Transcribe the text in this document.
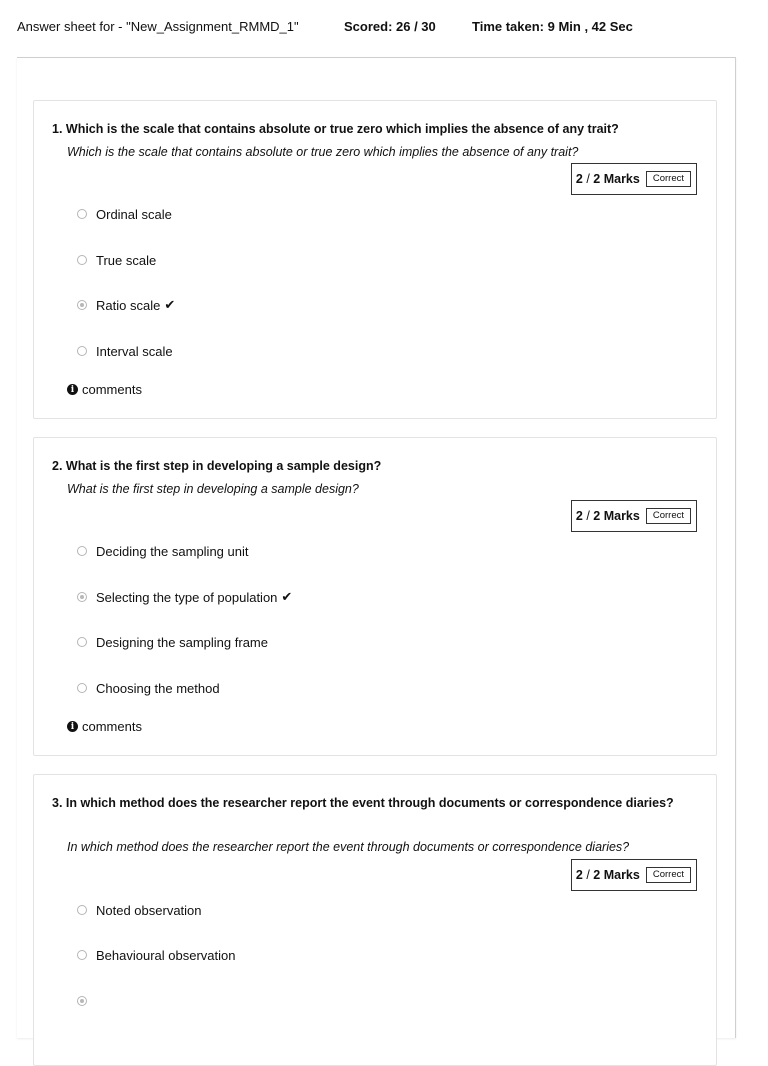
Answer sheet for - "New_Assignment_RMMD_1"	Scored: 26 / 30	Time taken: 9 Min , 42 Sec
1. Which is the scale that contains absolute or true zero which implies the absence of any trait?
Which is the scale that contains absolute or true zero which implies the absence of any trait?
2 / 2 Marks	Correct
Ordinal scale
True scale
Ratio scale ✔
Interval scale
i comments
2. What is the first step in developing a sample design?
What is the first step in developing a sample design?
2 / 2 Marks	Correct
Deciding the sampling unit
Selecting the type of population ✔
Designing the sampling frame
Choosing the method
i comments
3. In which method does the researcher report the event through documents or correspondence diaries?
In which method does the researcher report the event through documents or correspondence diaries?
2 / 2 Marks	Correct
Noted observation
Behavioural observation
